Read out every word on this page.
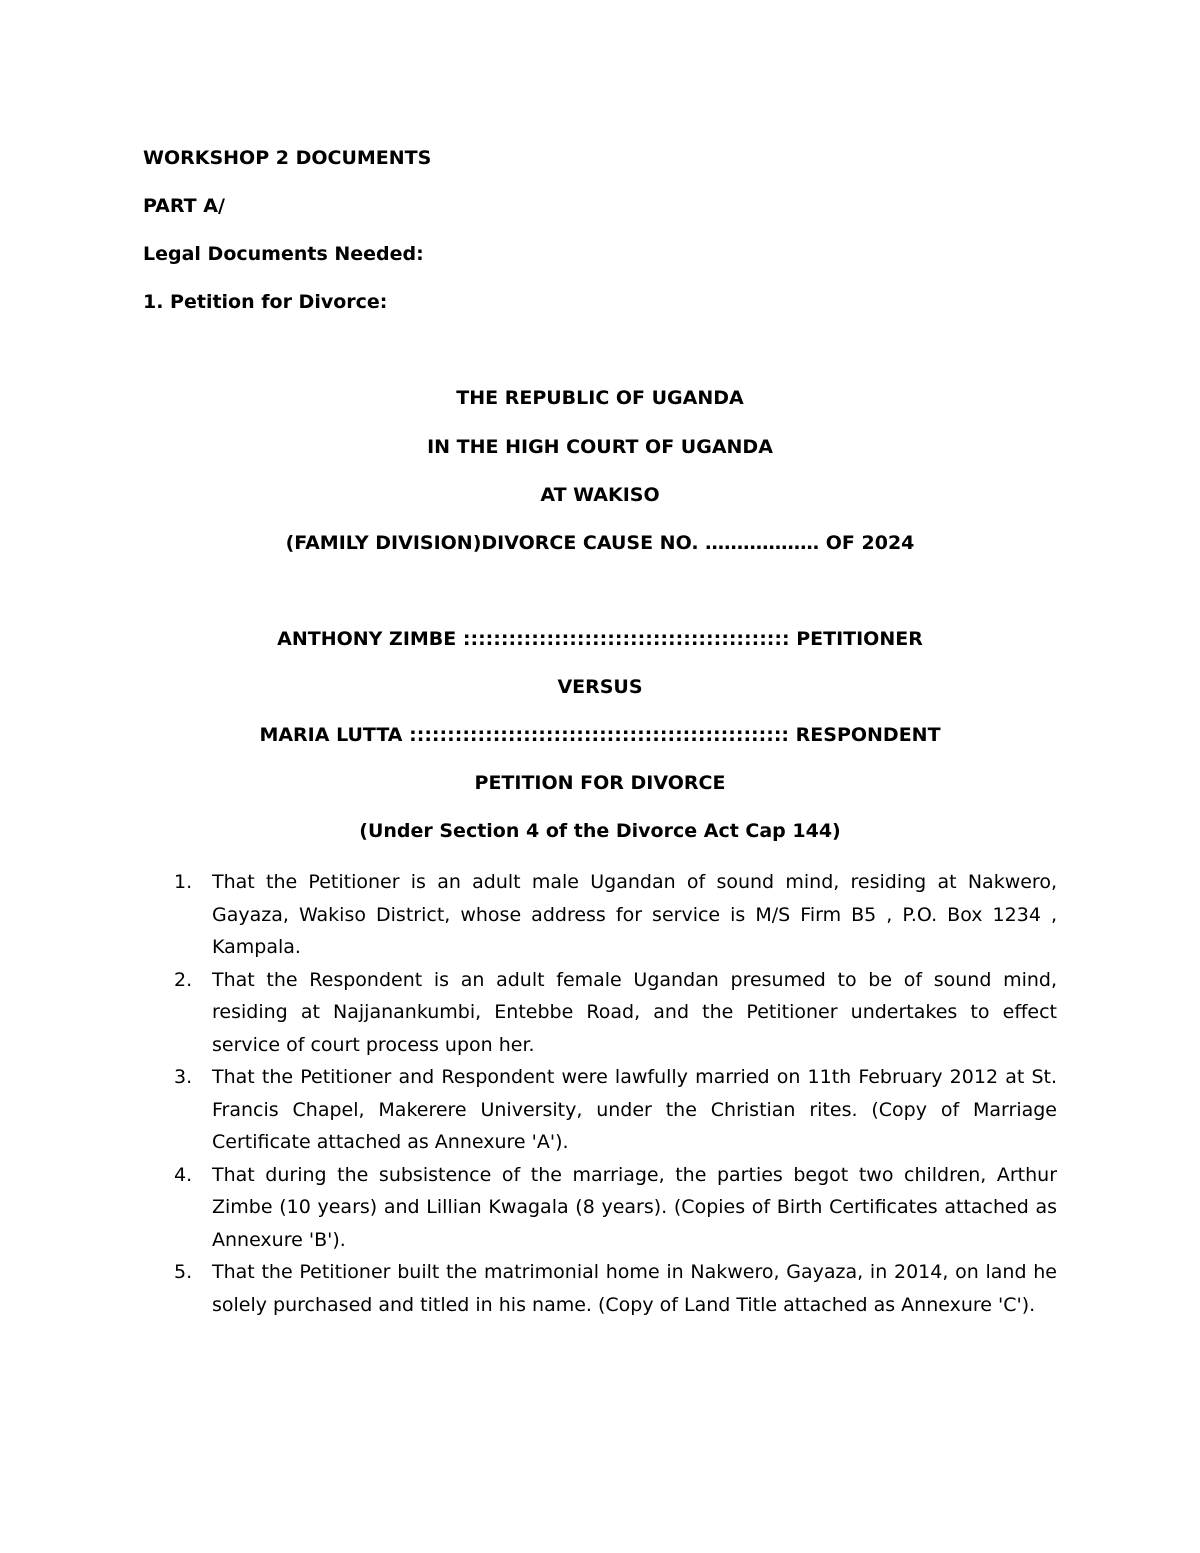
WORKSHOP 2 DOCUMENTS
PART A/
Legal Documents Needed:
1. Petition for Divorce:
THE REPUBLIC OF UGANDA
IN THE HIGH COURT OF UGANDA
AT WAKISO
(FAMILY DIVISION)DIVORCE CAUSE NO. ……………… OF 2024
ANTHONY ZIMBE ::::::::::::::::::::::::::::::::::::::::::: PETITIONER
VERSUS
MARIA LUTTA :::::::::::::::::::::::::::::::::::::::::::::::::: RESPONDENT
PETITION FOR DIVORCE
(Under Section 4 of the Divorce Act Cap 144)
1.	That the Petitioner is an adult male Ugandan of sound mind, residing at Nakwero, Gayaza, Wakiso District, whose address for service is M/S Firm B5 , P.O. Box 1234 , Kampala.
2.	That the Respondent is an adult female Ugandan presumed to be of sound mind, residing at Najjanankumbi, Entebbe Road, and the Petitioner undertakes to effect service of court process upon her.
3.	That the Petitioner and Respondent were lawfully married on 11th February 2012 at St. Francis Chapel, Makerere University, under the Christian rites. (Copy of Marriage Certificate attached as Annexure 'A').
4.	That during the subsistence of the marriage, the parties begot two children, Arthur Zimbe (10 years) and Lillian Kwagala (8 years). (Copies of Birth Certificates attached as Annexure 'B').
5.	That the Petitioner built the matrimonial home in Nakwero, Gayaza, in 2014, on land he solely purchased and titled in his name. (Copy of Land Title attached as Annexure 'C').
